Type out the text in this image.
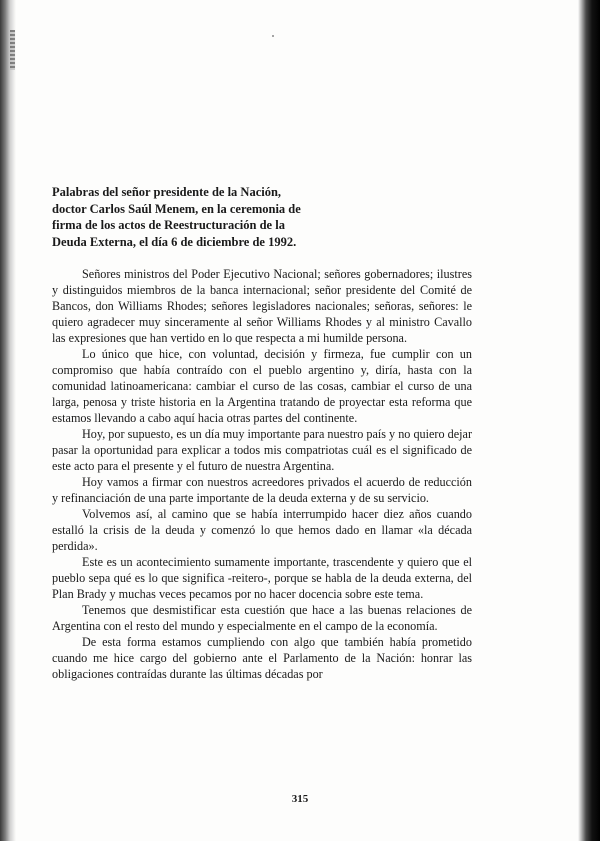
Palabras del señor presidente de la Nación,
doctor Carlos Saúl Menem, en la ceremonia de
firma de los actos de Reestructuración de la
Deuda Externa, el día 6 de diciembre de 1992.

Señores ministros del Poder Ejecutivo Nacional; señores gobernadores; ilustres y distinguidos miembros de la banca internacional; señor presidente del Comité de Bancos, don Williams Rhodes; señores legisladores nacionales; señoras, señores: le quiero agradecer muy sinceramente al señor Williams Rhodes y al ministro Cavallo las expresiones que han vertido en lo que respecta a mi humilde persona.

Lo único que hice, con voluntad, decisión y firmeza, fue cumplir con un compromiso que había contraído con el pueblo argentino y, diría, hasta con la comunidad latinoamericana: cambiar el curso de las cosas, cambiar el curso de una larga, penosa y triste historia en la Argentina tratando de proyectar esta reforma que estamos llevando a cabo aquí hacia otras partes del continente.

Hoy, por supuesto, es un día muy importante para nuestro país y no quiero dejar pasar la oportunidad para explicar a todos mis compatriotas cuál es el significado de este acto para el presente y el futuro de nuestra Argentina.

Hoy vamos a firmar con nuestros acreedores privados el acuerdo de reducción y refinanciación de una parte importante de la deuda externa y de su servicio.

Volvemos así, al camino que se había interrumpido hacer diez años cuando estalló la crisis de la deuda y comenzó lo que hemos dado en llamar «la década perdida».

Este es un acontecimiento sumamente importante, trascendente y quiero que el pueblo sepa qué es lo que significa -reitero-, porque se habla de la deuda externa, del Plan Brady y muchas veces pecamos por no hacer docencia sobre este tema.

Tenemos que desmistificar esta cuestión que hace a las buenas relaciones de Argentina con el resto del mundo y especialmente en el campo de la economía.

De esta forma estamos cumpliendo con algo que también había prometido cuando me hice cargo del gobierno ante el Parlamento de la Nación: honrar las obligaciones contraídas durante las últimas décadas por

315
